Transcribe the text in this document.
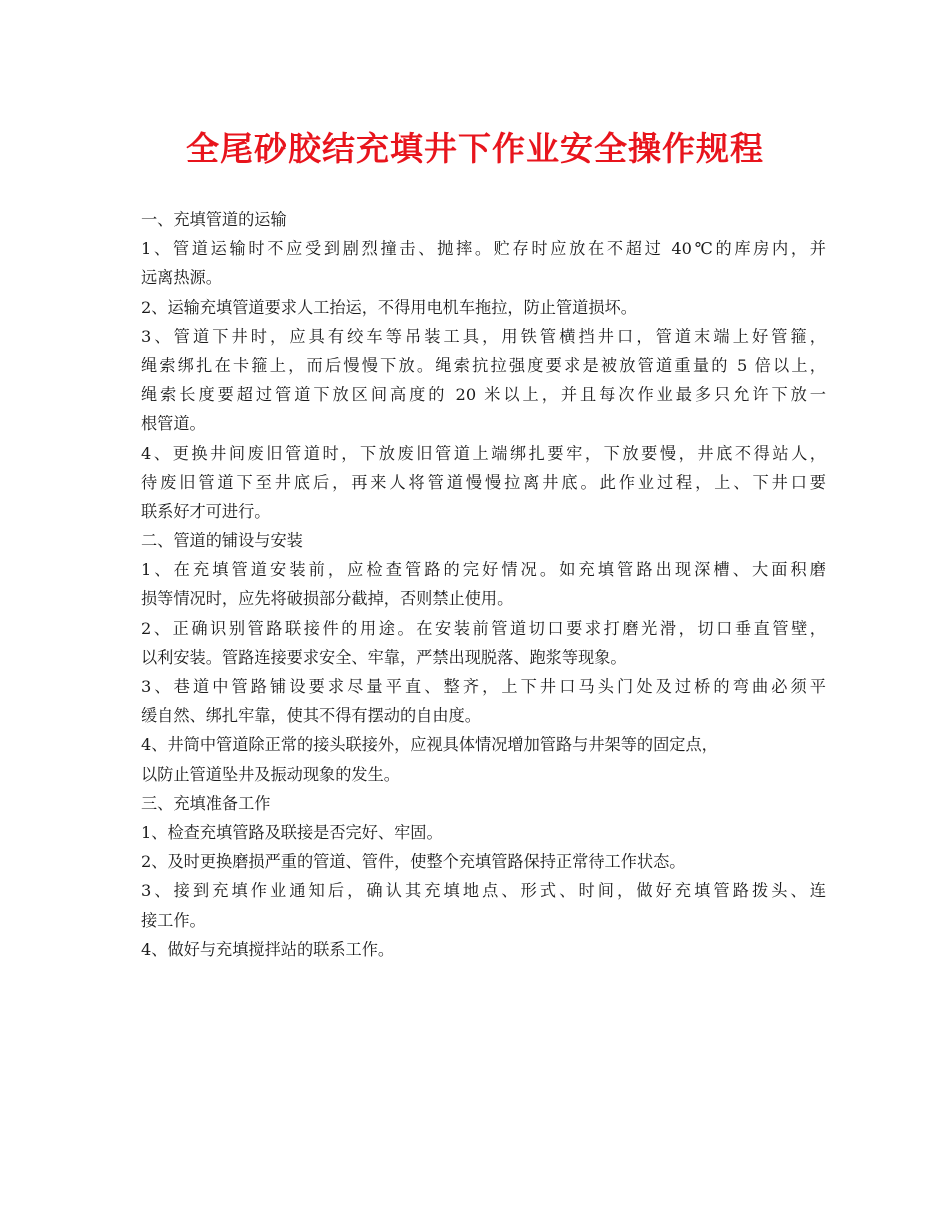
全尾砂胶结充填井下作业安全操作规程

一、充填管道的运输

1、管道运输时不应受到剧烈撞击、抛摔。贮存时应放在不超过 40℃的库房内，并

远离热源。

2、运输充填管道要求人工抬运，不得用电机车拖拉，防止管道损坏。

3、管道下井时，应具有绞车等吊装工具，用铁管横挡井口，管道末端上好管箍，

绳索绑扎在卡箍上，而后慢慢下放。绳索抗拉强度要求是被放管道重量的 5 倍以上，

绳索长度要超过管道下放区间高度的 20 米以上，并且每次作业最多只允许下放一

根管道。

4、更换井间废旧管道时，下放废旧管道上端绑扎要牢，下放要慢，井底不得站人，

待废旧管道下至井底后，再来人将管道慢慢拉离井底。此作业过程，上、下井口要

联系好才可进行。

二、管道的铺设与安装

1、在充填管道安装前，应检查管路的完好情况。如充填管路出现深槽、大面积磨

损等情况时，应先将破损部分截掉，否则禁止使用。

2、正确识别管路联接件的用途。在安装前管道切口要求打磨光滑，切口垂直管壁，

以利安装。管路连接要求安全、牢靠，严禁出现脱落、跑浆等现象。

3、巷道中管路铺设要求尽量平直、整齐，上下井口马头门处及过桥的弯曲必须平

缓自然、绑扎牢靠，使其不得有摆动的自由度。

4、井筒中管道除正常的接头联接外，应视具体情况增加管路与井架等的固定点，

以防止管道坠井及振动现象的发生。

三、充填准备工作

1、检查充填管路及联接是否完好、牢固。

2、及时更换磨损严重的管道、管件，使整个充填管路保持正常待工作状态。

3、接到充填作业通知后，确认其充填地点、形式、时间，做好充填管路拨头、连

接工作。

4、做好与充填搅拌站的联系工作。
